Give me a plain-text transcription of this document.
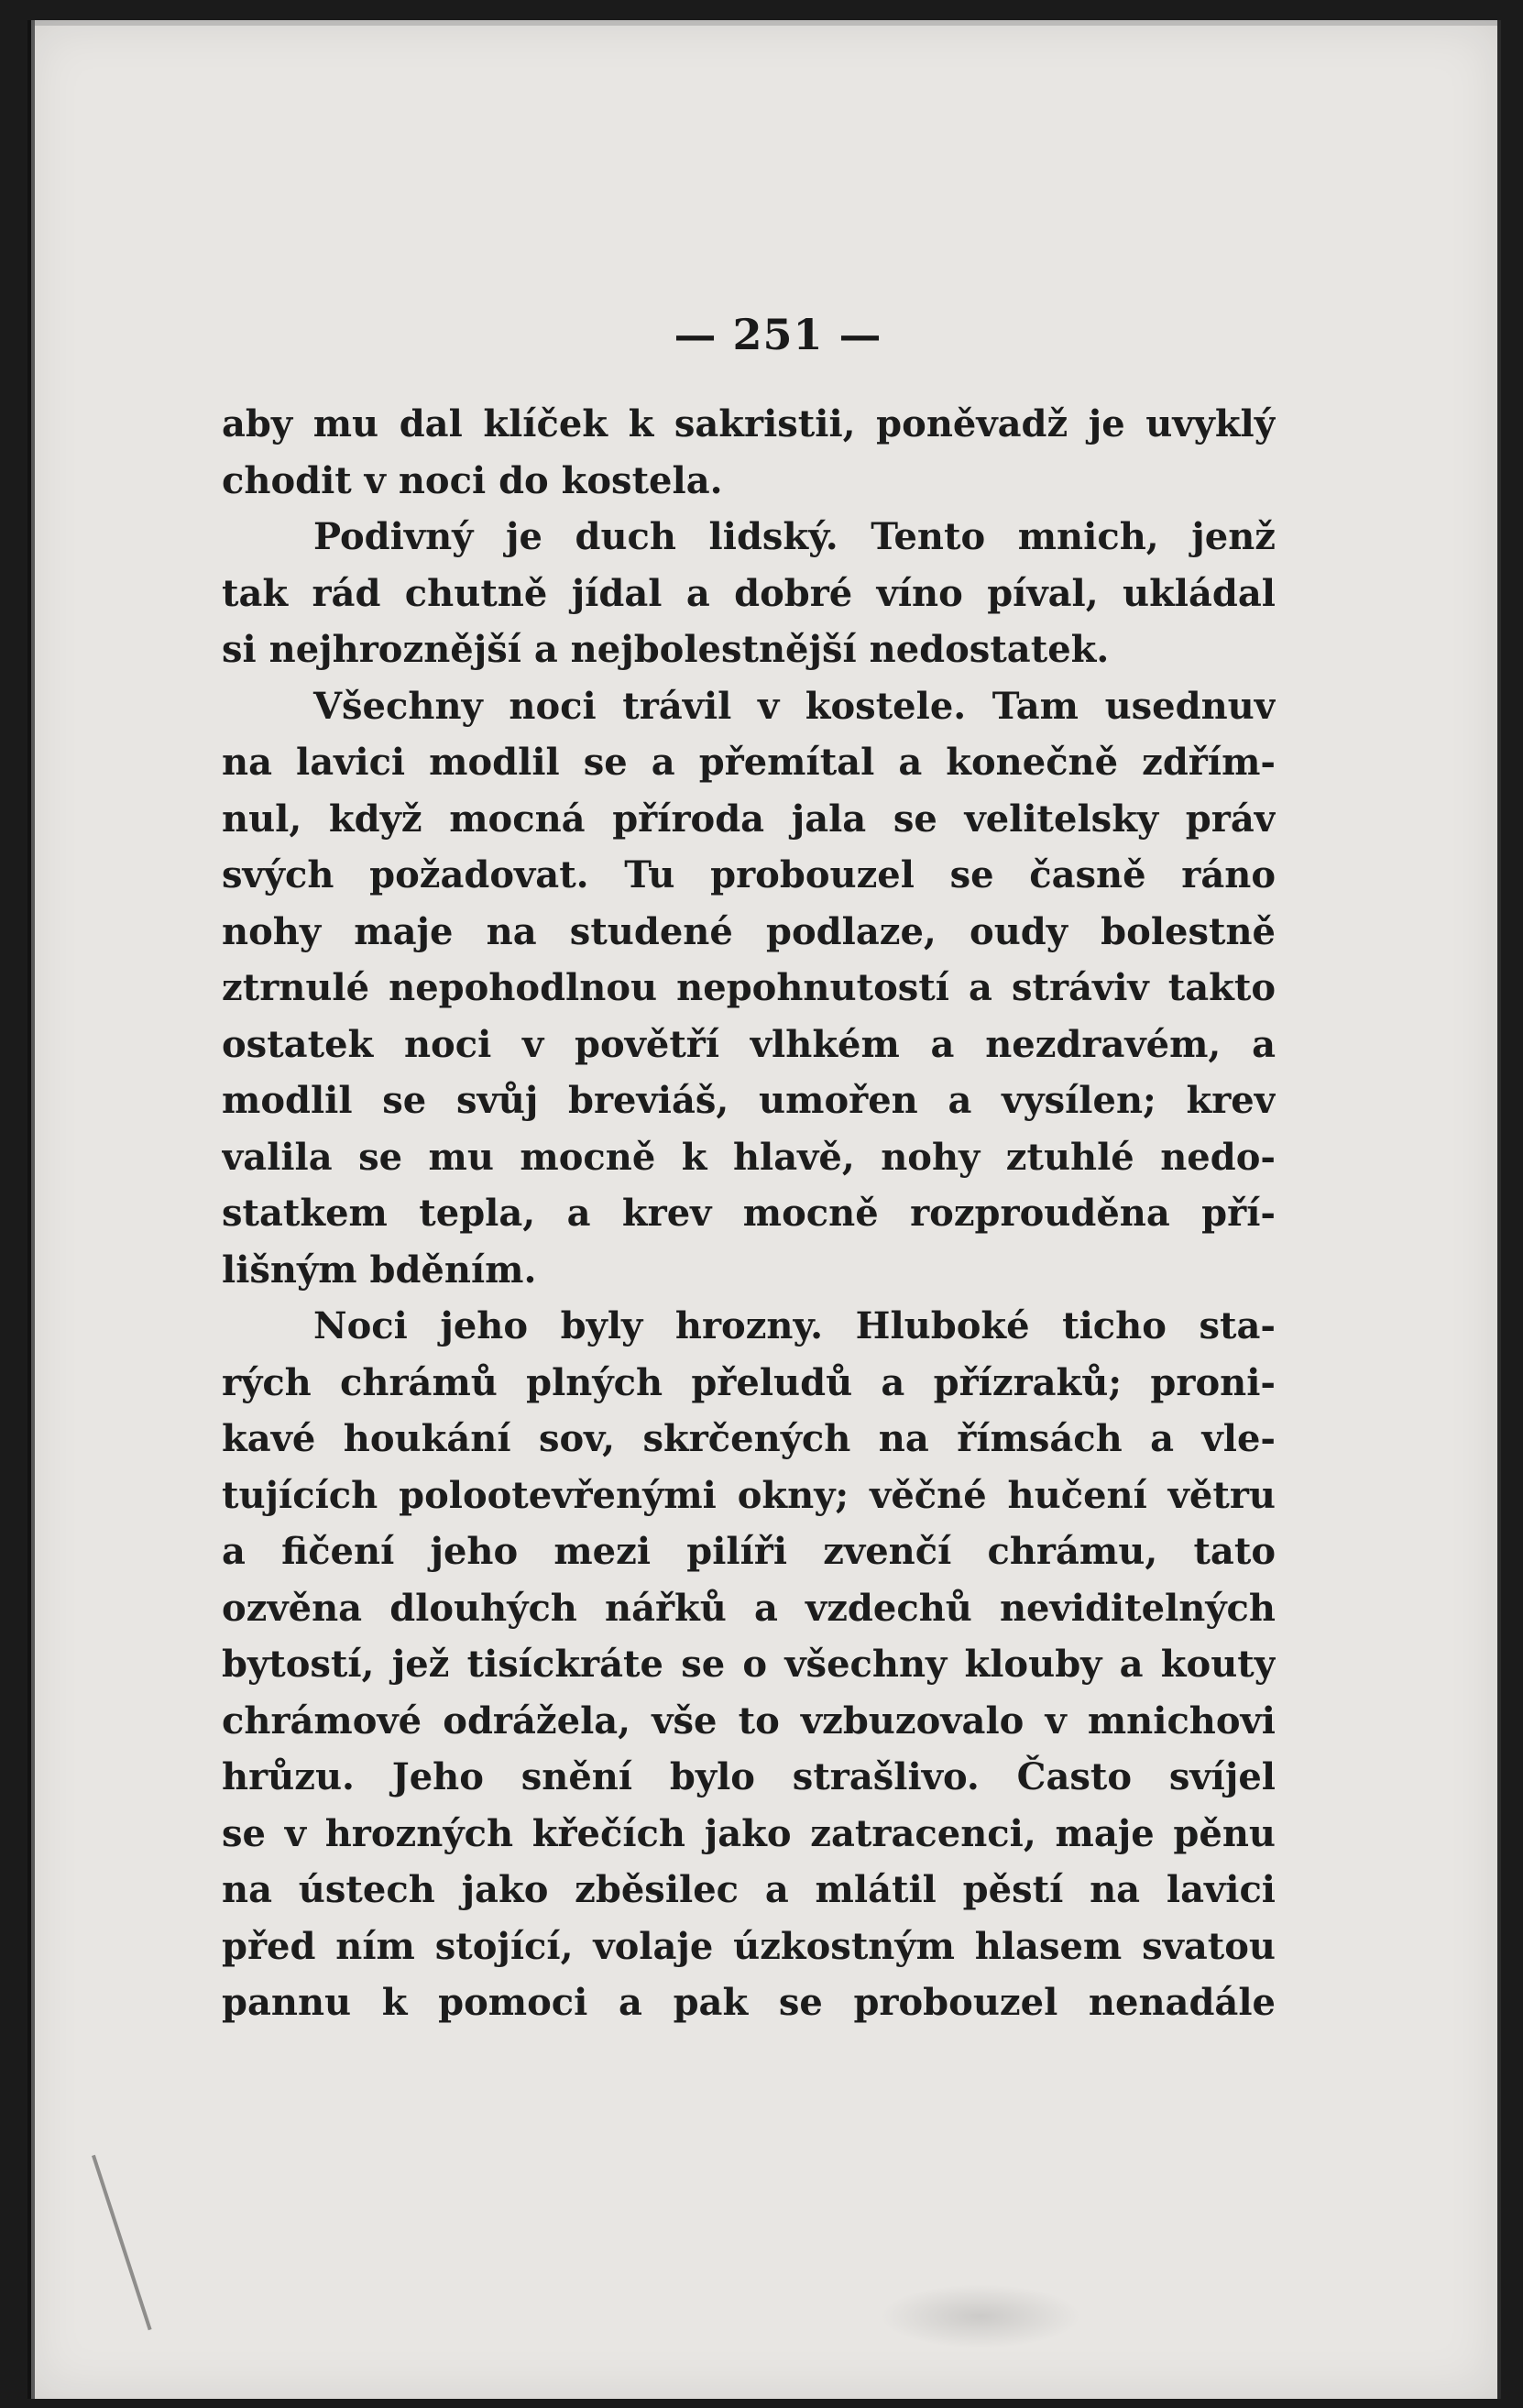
— 251 —
aby mu dal klíček k sakristii, poněvadž je uvyklý
chodit v noci do kostela.
Podivný je duch lidský. Tento mnich, jenž
tak rád chutně jídal a dobré víno píval, ukládal
si nejhroznější a nejbolestnější nedostatek.
Všechny noci trávil v kostele. Tam usednuv
na lavici modlil se a přemítal a konečně zdřím-
nul, když mocná příroda jala se velitelsky práv
svých požadovat. Tu probouzel se časně ráno
nohy maje na studené podlaze, oudy bolestně
ztrnulé nepohodlnou nepohnutostí a stráviv takto
ostatek noci v povětří vlhkém a nezdravém, a
modlil se svůj breviáš, umořen a vysílen; krev
valila se mu mocně k hlavě, nohy ztuhlé nedo-
statkem tepla, a krev mocně rozprouděna pří-
lišným bděním.
Noci jeho byly hrozny. Hluboké ticho sta-
rých chrámů plných přeludů a přízraků; proni-
kavé houkání sov, skrčených na římsách a vle-
tujících polootevřenými okny; věčné hučení větru
a fičení jeho mezi pilíři zvenčí chrámu, tato
ozvěna dlouhých nářků a vzdechů neviditelných
bytostí, jež tisíckráte se o všechny klouby a kouty
chrámové odrážela, vše to vzbuzovalo v mnichovi
hrůzu. Jeho snění bylo strašlivo. Často svíjel
se v hrozných křečích jako zatracenci, maje pěnu
na ústech jako zběsilec a mlátil pěstí na lavici
před ním stojící, volaje úzkostným hlasem svatou
pannu k pomoci a pak se probouzel nenadále
